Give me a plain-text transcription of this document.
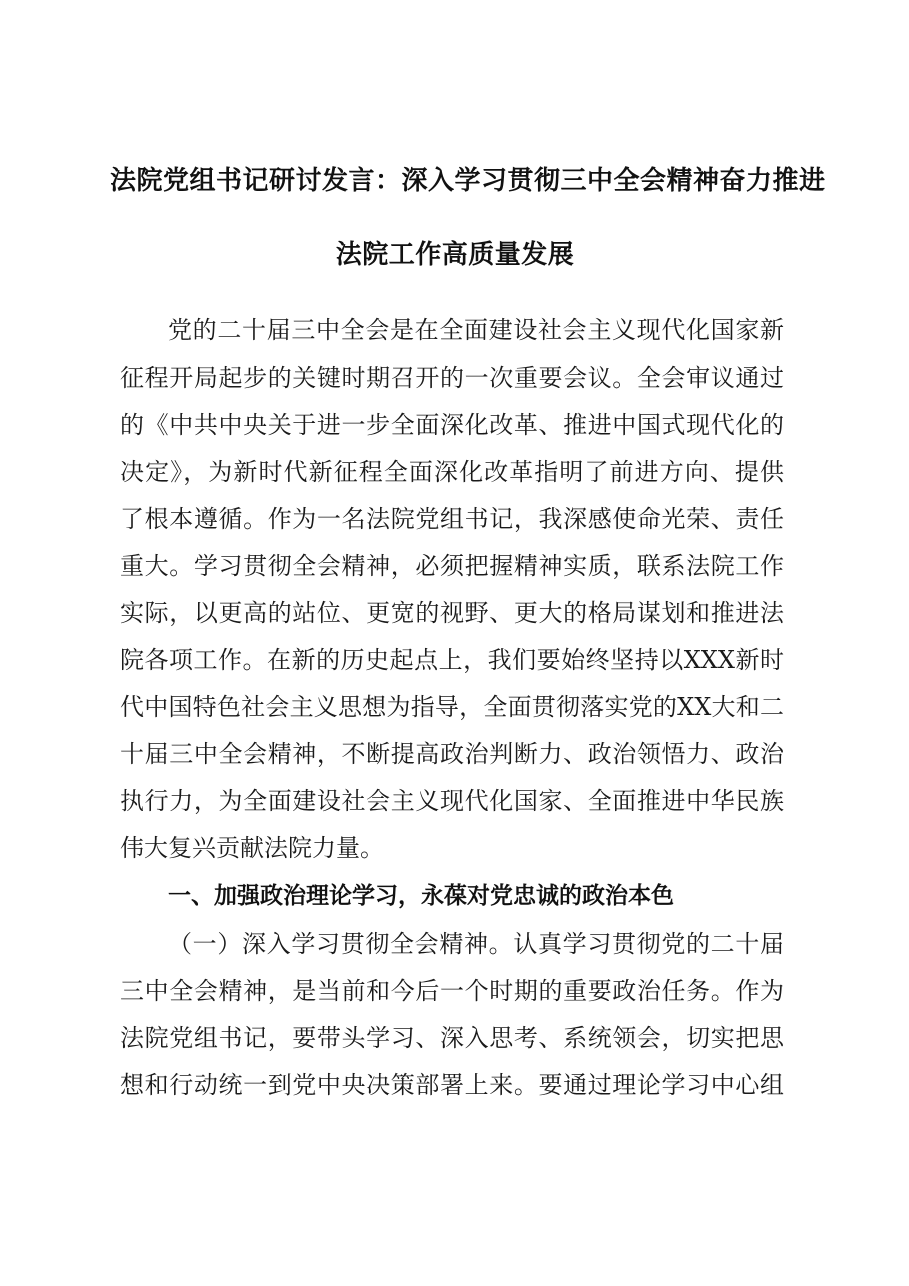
法院党组书记研讨发言：深入学习贯彻三中全会精神奋力推进
法院工作高质量发展
党的二十届三中全会是在全面建设社会主义现代化国家新
征程开局起步的关键时期召开的一次重要会议。全会审议通过
的《中共中央关于进一步全面深化改革、推进中国式现代化的
决定》，为新时代新征程全面深化改革指明了前进方向、提供
了根本遵循。作为一名法院党组书记，我深感使命光荣、责任
重大。学习贯彻全会精神，必须把握精神实质，联系法院工作
实际，以更高的站位、更宽的视野、更大的格局谋划和推进法
院各项工作。在新的历史起点上，我们要始终坚持以XXX新时
代中国特色社会主义思想为指导，全面贯彻落实党的XX大和二
十届三中全会精神，不断提高政治判断力、政治领悟力、政治
执行力，为全面建设社会主义现代化国家、全面推进中华民族
伟大复兴贡献法院力量。
一、加强政治理论学习，永葆对党忠诚的政治本色
（一）深入学习贯彻全会精神。认真学习贯彻党的二十届
三中全会精神，是当前和今后一个时期的重要政治任务。作为
法院党组书记，要带头学习、深入思考、系统领会，切实把思
想和行动统一到党中央决策部署上来。要通过理论学习中心组
